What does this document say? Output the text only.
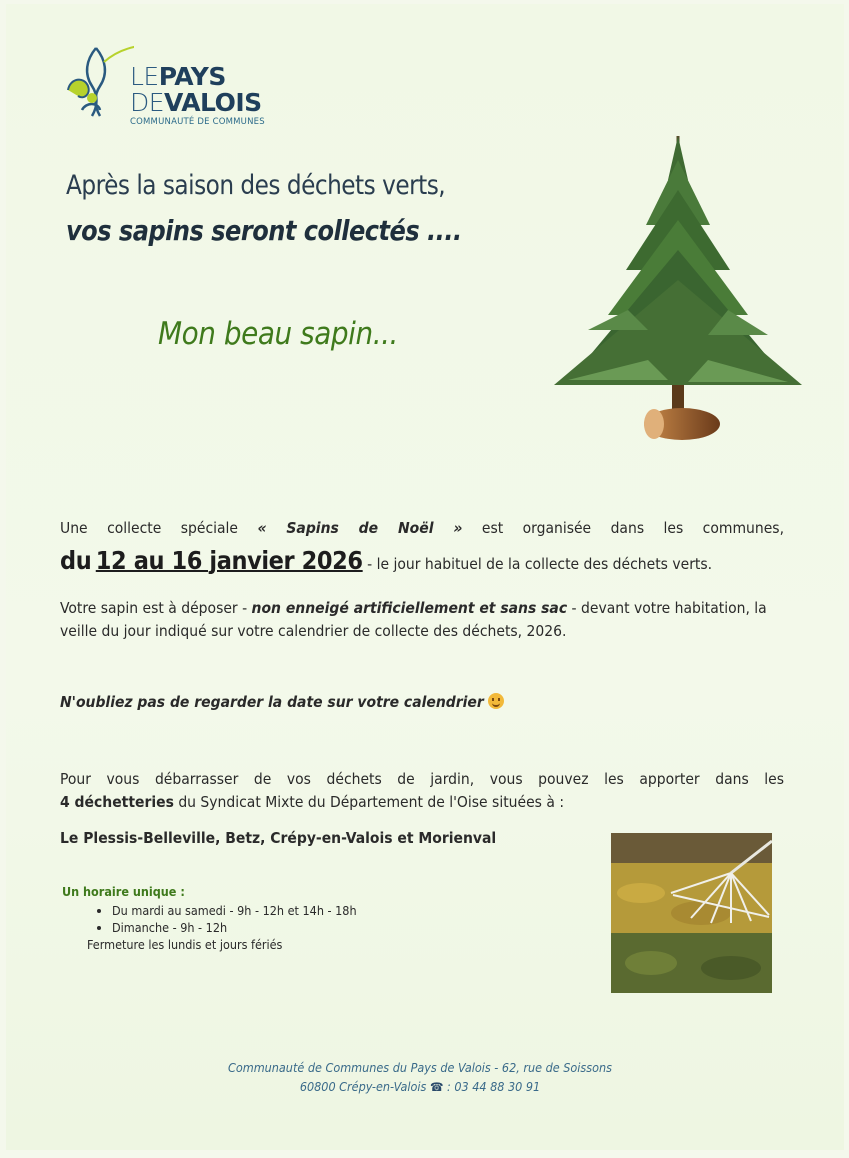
LEPAYS
DEVALOIS
COMMUNAUTÉ DE COMMUNES
Après la saison des déchets verts,
vos sapins seront collectés ....
Mon beau sapin...
Une collecte spéciale « Sapins de Noël » est organisée dans les communes,
du 12 au 16 janvier 2026 - le jour habituel de la collecte des déchets verts.
Votre sapin est à déposer - non enneigé artificiellement et sans sac - devant votre habitation, la veille du jour indiqué sur votre calendrier de collecte des déchets, 2026.
N'oubliez pas de regarder la date sur votre calendrier
Pour vous débarrasser de vos déchets de jardin, vous pouvez les apporter dans les
4 déchetteries du Syndicat Mixte du Département de l'Oise situées à :
Le Plessis-Belleville, Betz, Crépy-en-Valois et Morienval
Un horaire unique :
• Du mardi au samedi - 9h - 12h et 14h - 18h
• Dimanche - 9h - 12h
Fermeture les lundis et jours fériés
Communauté de Communes du Pays de Valois - 62, rue de Soissons
60800 Crépy-en-Valois ☎ : 03 44 88 30 91
